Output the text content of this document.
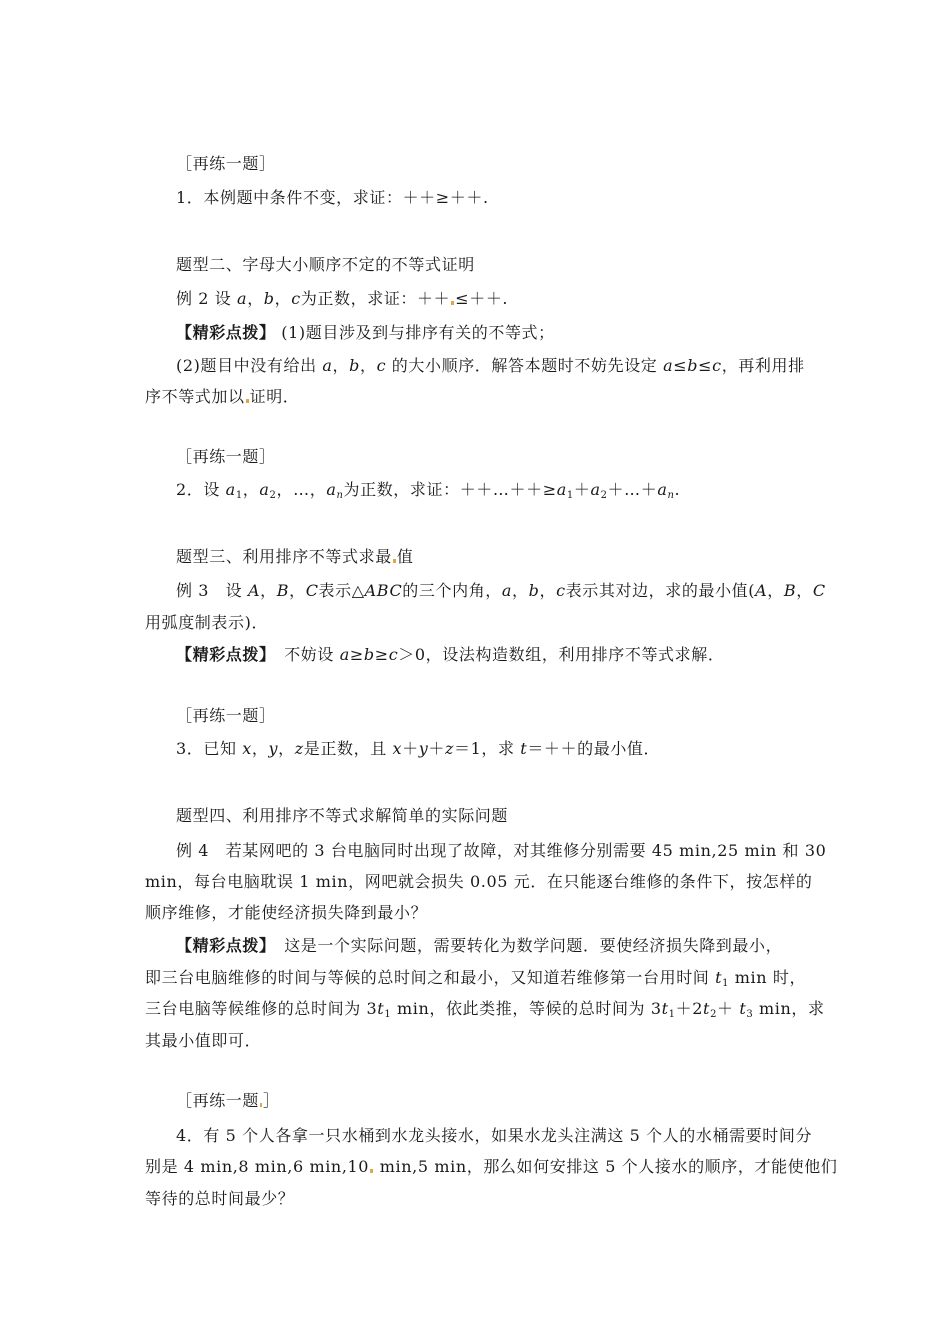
［再练一题］
1．本例题中条件不变，求证：＋＋≥＋＋.
题型二、字母大小顺序不定的不等式证明
例 2 设 a，b，c为正数，求证：＋＋ ≤＋＋.
【精彩点拨】 (1)题目涉及到与排序有关的不等式；
(2)题目中没有给出 a，b，c 的大小顺序．解答本题时不妨先设定 a≤b≤c，再利用排
序不等式加以 证明．
［再练一题］
2．设 $a_1$，$a_2$，…，$a_n$为正数，求证：$++\dots++\ge a_1+a_2+\dots+a_n$.
题型三、利用排序不等式求最 值
例 3　设 A，B，C表示△ABC的三个内角，a，b，c表示其对边，求的最小值(A，B，C
用弧度制表示)．
【精彩点拨】　不妨设 a≥b≥c＞0，设法构造数组，利用排序不等式求解．
［再练一题］
3．已知 x，y，z是正数，且 x＋y＋z＝1，求 t＝＋＋的最小值．
题型四、利用排序不等式求解简单的实际问题
例 4　若某网吧的 3 台电脑同时出现了故障，对其维修分别需要 45 min,25 min 和 30
min，每台电脑耽误 1 min，网吧就会损失 0.05 元．在只能逐台维修的条件下，按怎样的
顺序维修，才能使经济损失降到最小？
【精彩点拨】　这是一个实际问题，需要转化为数学问题．要使经济损失降到最小，
即三台电脑维修的时间与等候的总时间之和最小，又知道若维修第一台用时间 $t_1$ min 时，
三台电脑等候维修的总时间为 $3t_1$ min，依此类推，等候的总时间为 $3t_1+2t_2+ t_3$ min，求
其最小值即可．
［再练一题 ］
4．有 5 个人各拿一只水桶到水龙头接水，如果水龙头注满这 5 个人的水桶需要时间分
别是 4 min,8 min,6 min,10 min,5 min，那么如何安排这 5 个人接水的顺序，才能使他们
等待的总时间最少？
